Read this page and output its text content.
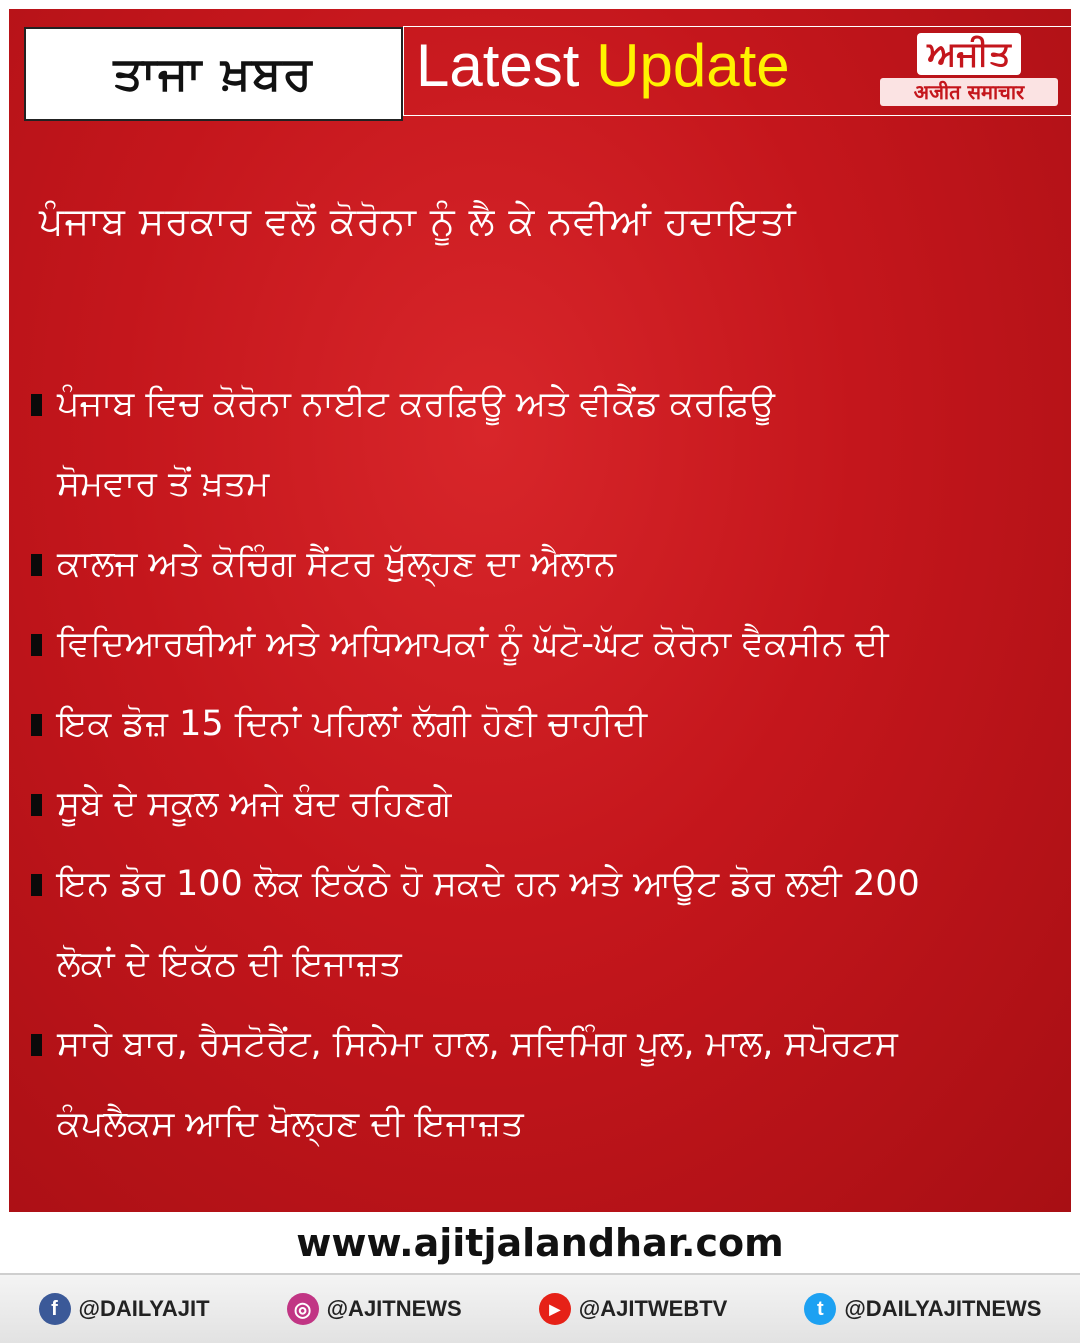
ਤਾਜਾ ਖ਼ਬਰ	Latest Update	ਅਜੀਤ
अजीत समाचार
ਪੰਜਾਬ ਸਰਕਾਰ ਵਲੋਂ ਕੋਰੋਨਾ ਨੂੰ ਲੈ ਕੇ ਨਵੀਆਂ ਹਦਾਇਤਾਂ
ਪੰਜਾਬ ਵਿਚ ਕੋਰੋਨਾ ਨਾਈਟ ਕਰਫ਼ਿਊ ਅਤੇ ਵੀਕੈਂਡ ਕਰਫ਼ਿਊ
ਸੋਮਵਾਰ ਤੋਂ ਖ਼ਤਮ
ਕਾਲਜ ਅਤੇ ਕੋਚਿੰਗ ਸੈਂਟਰ ਖੁੱਲ੍ਹਣ ਦਾ ਐਲਾਨ
ਵਿਦਿਆਰਥੀਆਂ ਅਤੇ ਅਧਿਆਪਕਾਂ ਨੂੰ ਘੱਟੋ-ਘੱਟ ਕੋਰੋਨਾ ਵੈਕਸੀਨ ਦੀ
ਇਕ ਡੋਜ਼ 15 ਦਿਨਾਂ ਪਹਿਲਾਂ ਲੱਗੀ ਹੋਣੀ ਚਾਹੀਦੀ
ਸੂਬੇ ਦੇ ਸਕੂਲ ਅਜੇ ਬੰਦ ਰਹਿਣਗੇ
ਇਨ ਡੋਰ 100 ਲੋਕ ਇਕੱਠੇ ਹੋ ਸਕਦੇ ਹਨ ਅਤੇ ਆਊਟ ਡੋਰ ਲਈ 200
ਲੋਕਾਂ ਦੇ ਇਕੱਠ ਦੀ ਇਜਾਜ਼ਤ
ਸਾਰੇ ਬਾਰ, ਰੈਸਟੋਰੈਂਟ, ਸਿਨੇਮਾ ਹਾਲ, ਸਵਿਮਿੰਗ ਪੂਲ, ਮਾਲ, ਸਪੋਰਟਸ
ਕੰਪਲੈਕਸ ਆਦਿ ਖੋਲ੍ਹਣ ਦੀ ਇਜਾਜ਼ਤ
www.ajitjalandhar.com
f @DAILYAJIT	◎ @AJITNEWS	▶ @AJITWEBTV	t @DAILYAJITNEWS
